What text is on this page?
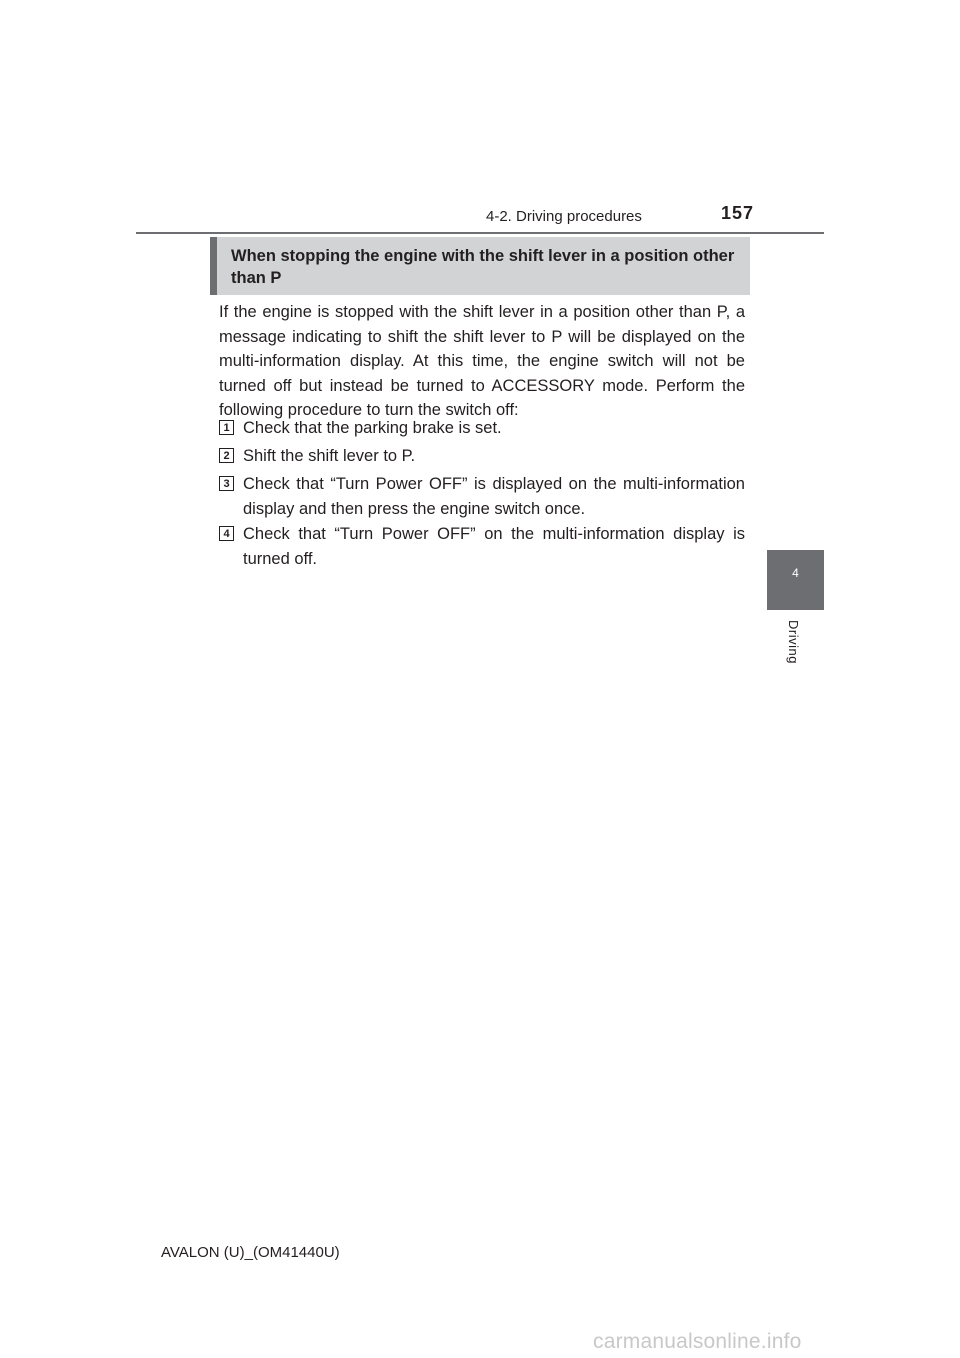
4-2. Driving procedures	157
4
Driving
When stopping the engine with the shift lever in a position other than P
If the engine is stopped with the shift lever in a position other than P, a message indicating to shift the shift lever to P will be displayed on the multi-information display. At this time, the engine switch will not be turned off but instead be turned to ACCESSORY mode. Perform the following procedure to turn the switch off:
1 Check that the parking brake is set.
2 Shift the shift lever to P.
3 Check that “Turn Power OFF” is displayed on the multi-information display and then press the engine switch once.
4 Check that “Turn Power OFF” on the multi-information display is turned off.
AVALON (U)_(OM41440U)
carmanualsonline.info
